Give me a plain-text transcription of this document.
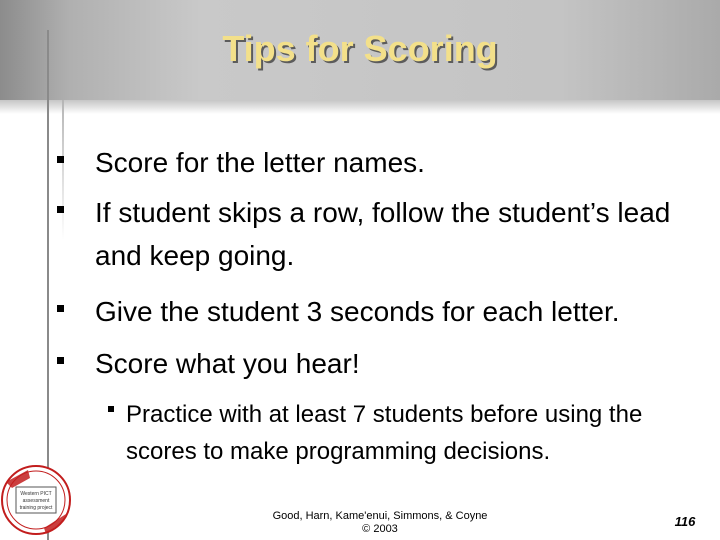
Tips for Scoring
Score for the letter names.
If student skips a row, follow the student’s lead and keep going.
Give the student 3 seconds for each letter.
Score what you hear!
Practice with at least 7 students before using the scores to make programming decisions.
Western PICT
assessment
training project
Good, Harn, Kame'enui, Simmons, & Coyne
© 2003	116
